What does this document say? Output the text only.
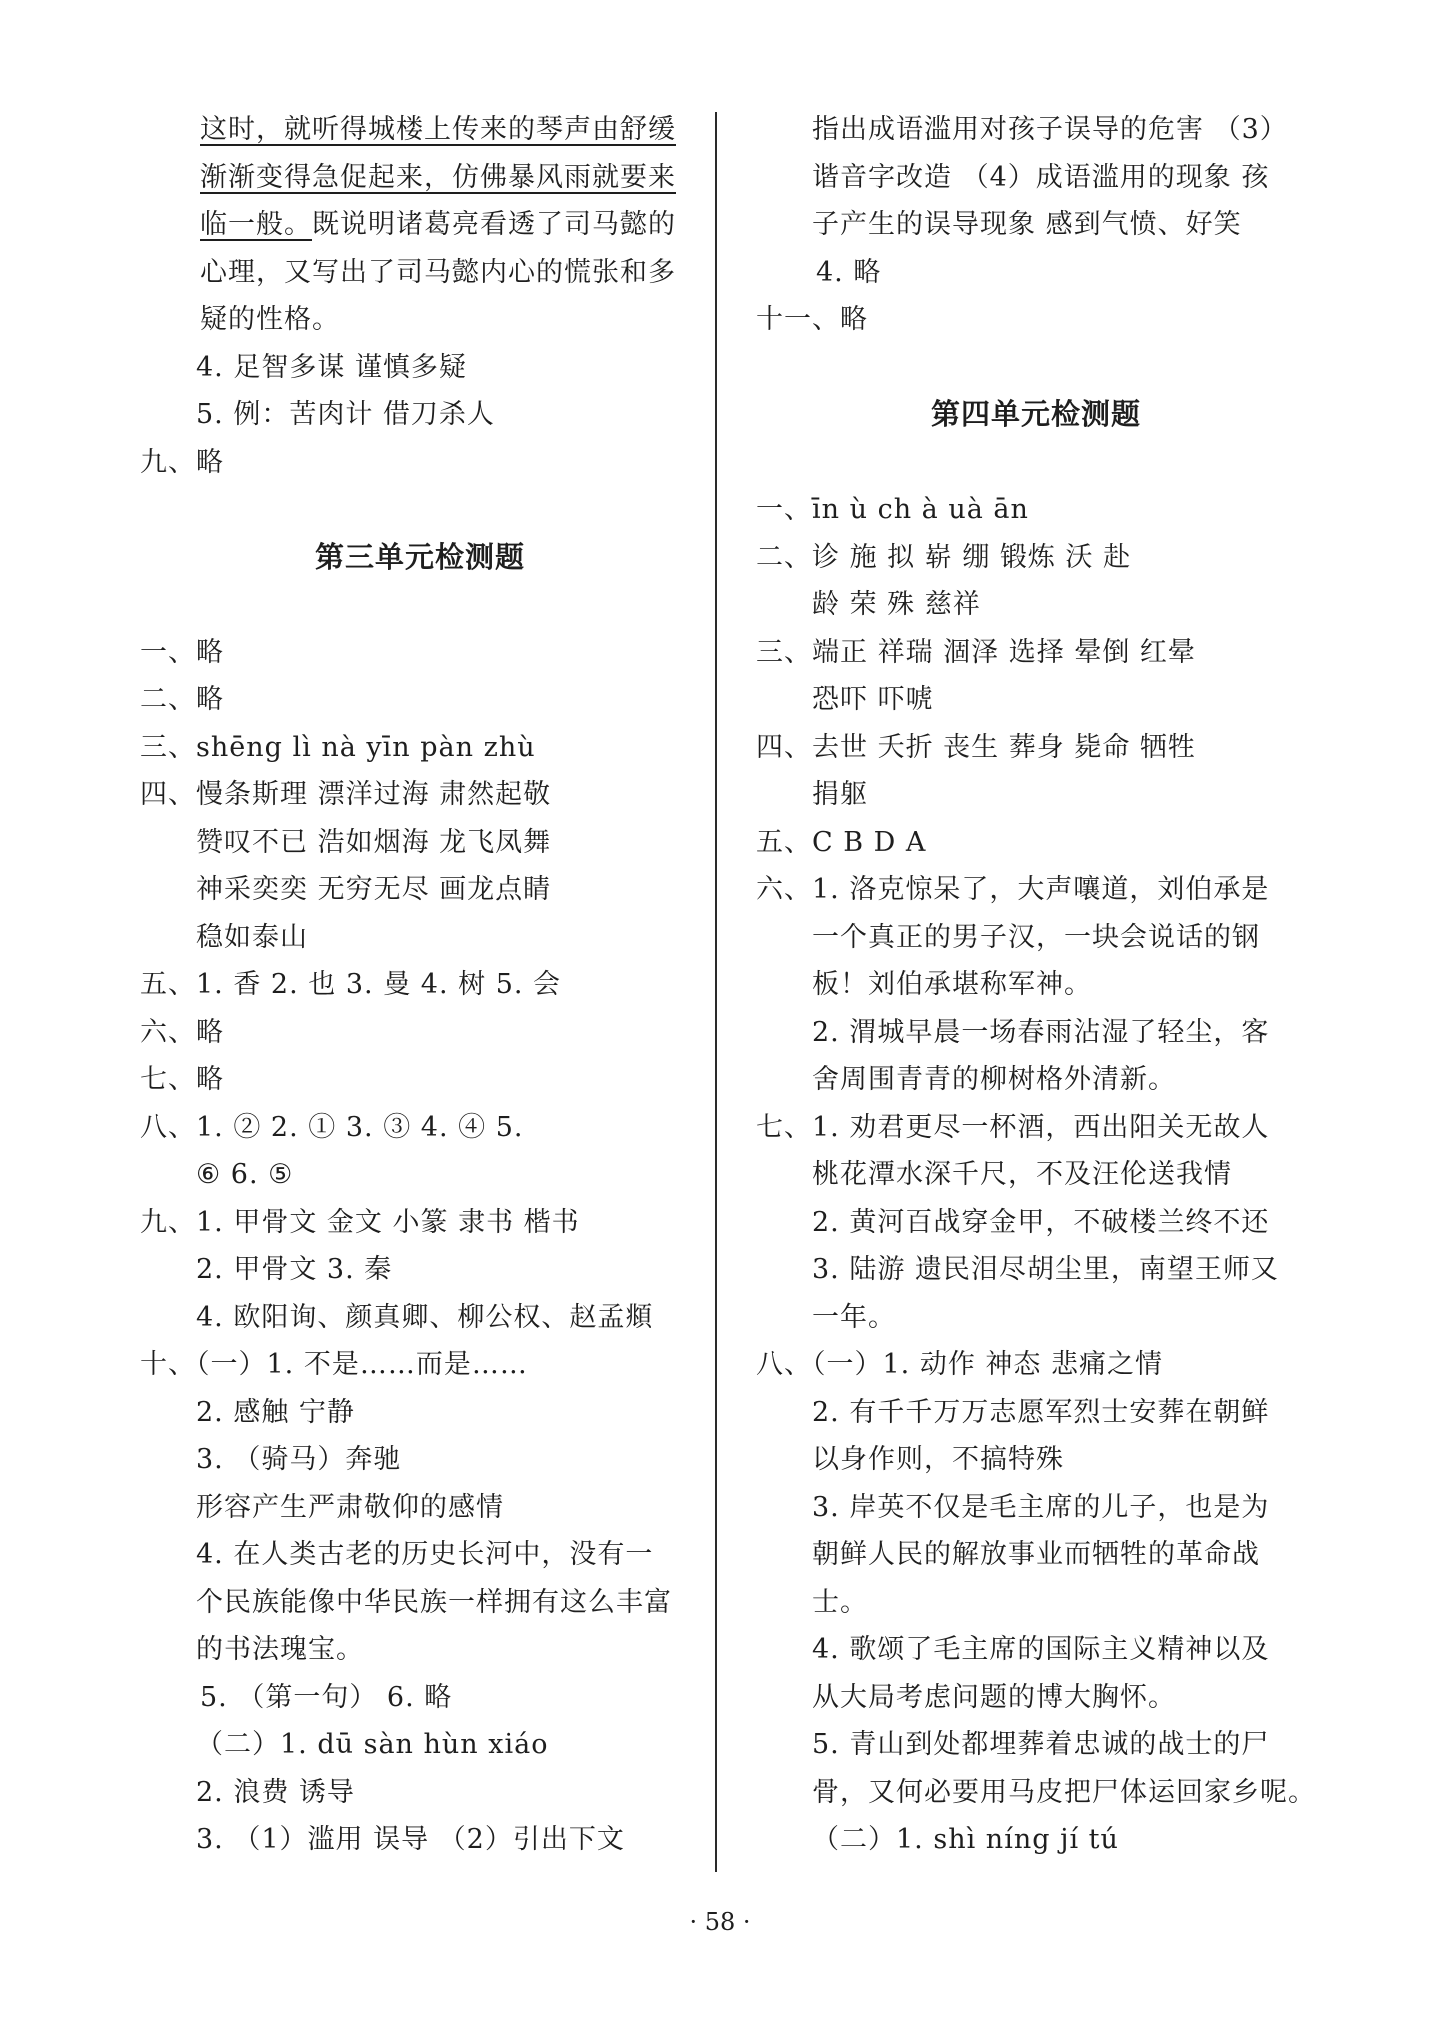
这时，就听得城楼上传来的琴声由舒缓
渐渐变得急促起来，仿佛暴风雨就要来
临一般。既说明诸葛亮看透了司马懿的
心理，又写出了司马懿内心的慌张和多
疑的性格。
4. 足智多谋 谨慎多疑
5. 例：苦肉计 借刀杀人
九、略
第三单元检测题
一、略
二、略
三、shēng lì nà yīn pàn zhù
四、慢条斯理 漂洋过海 肃然起敬
赞叹不已 浩如烟海 龙飞凤舞
神采奕奕 无穷无尽 画龙点睛
稳如泰山
五、1. 香 2. 也 3. 曼 4. 树 5. 会
六、略
七、略
八、1. ② 2. ① 3. ③ 4. ④ 5.
⑥ 6. ⑤
九、1. 甲骨文 金文 小篆 隶书 楷书
2. 甲骨文 3. 秦
4. 欧阳询、颜真卿、柳公权、赵孟頫
十、（一）1. 不是……而是……
2. 感触 宁静
3. （骑马）奔驰
形容产生严肃敬仰的感情
4. 在人类古老的历史长河中，没有一
个民族能像中华民族一样拥有这么丰富
的书法瑰宝。
5. （第一句） 6. 略
（二）1. dū sàn hùn xiáo
2. 浪费 诱导
3. （1）滥用 误导 （2）引出下文
指出成语滥用对孩子误导的危害 （3）
谐音字改造 （4）成语滥用的现象 孩
子产生的误导现象 感到气愤、好笑
4. 略
十一、略
第四单元检测题
一、īn ù ch à uà ān
二、诊 施 拟 崭 绷 锻炼 沃 赴
龄 荣 殊 慈祥
三、端正 祥瑞 涸泽 选择 晕倒 红晕
恐吓 吓唬
四、去世 夭折 丧生 葬身 毙命 牺牲
捐躯
五、C B D A
六、1. 洛克惊呆了，大声嚷道，刘伯承是
一个真正的男子汉，一块会说话的钢
板！刘伯承堪称军神。
2. 渭城早晨一场春雨沾湿了轻尘，客
舍周围青青的柳树格外清新。
七、1. 劝君更尽一杯酒，西出阳关无故人
桃花潭水深千尺，不及汪伦送我情
2. 黄河百战穿金甲，不破楼兰终不还
3. 陆游 遗民泪尽胡尘里，南望王师又
一年。
八、（一）1. 动作 神态 悲痛之情
2. 有千千万万志愿军烈士安葬在朝鲜
以身作则，不搞特殊
3. 岸英不仅是毛主席的儿子，也是为
朝鲜人民的解放事业而牺牲的革命战
士。
4. 歌颂了毛主席的国际主义精神以及
从大局考虑问题的博大胸怀。
5. 青山到处都埋葬着忠诚的战士的尸
骨，又何必要用马皮把尸体运回家乡呢。
（二）1. shì níng jí tú
· 58 ·
